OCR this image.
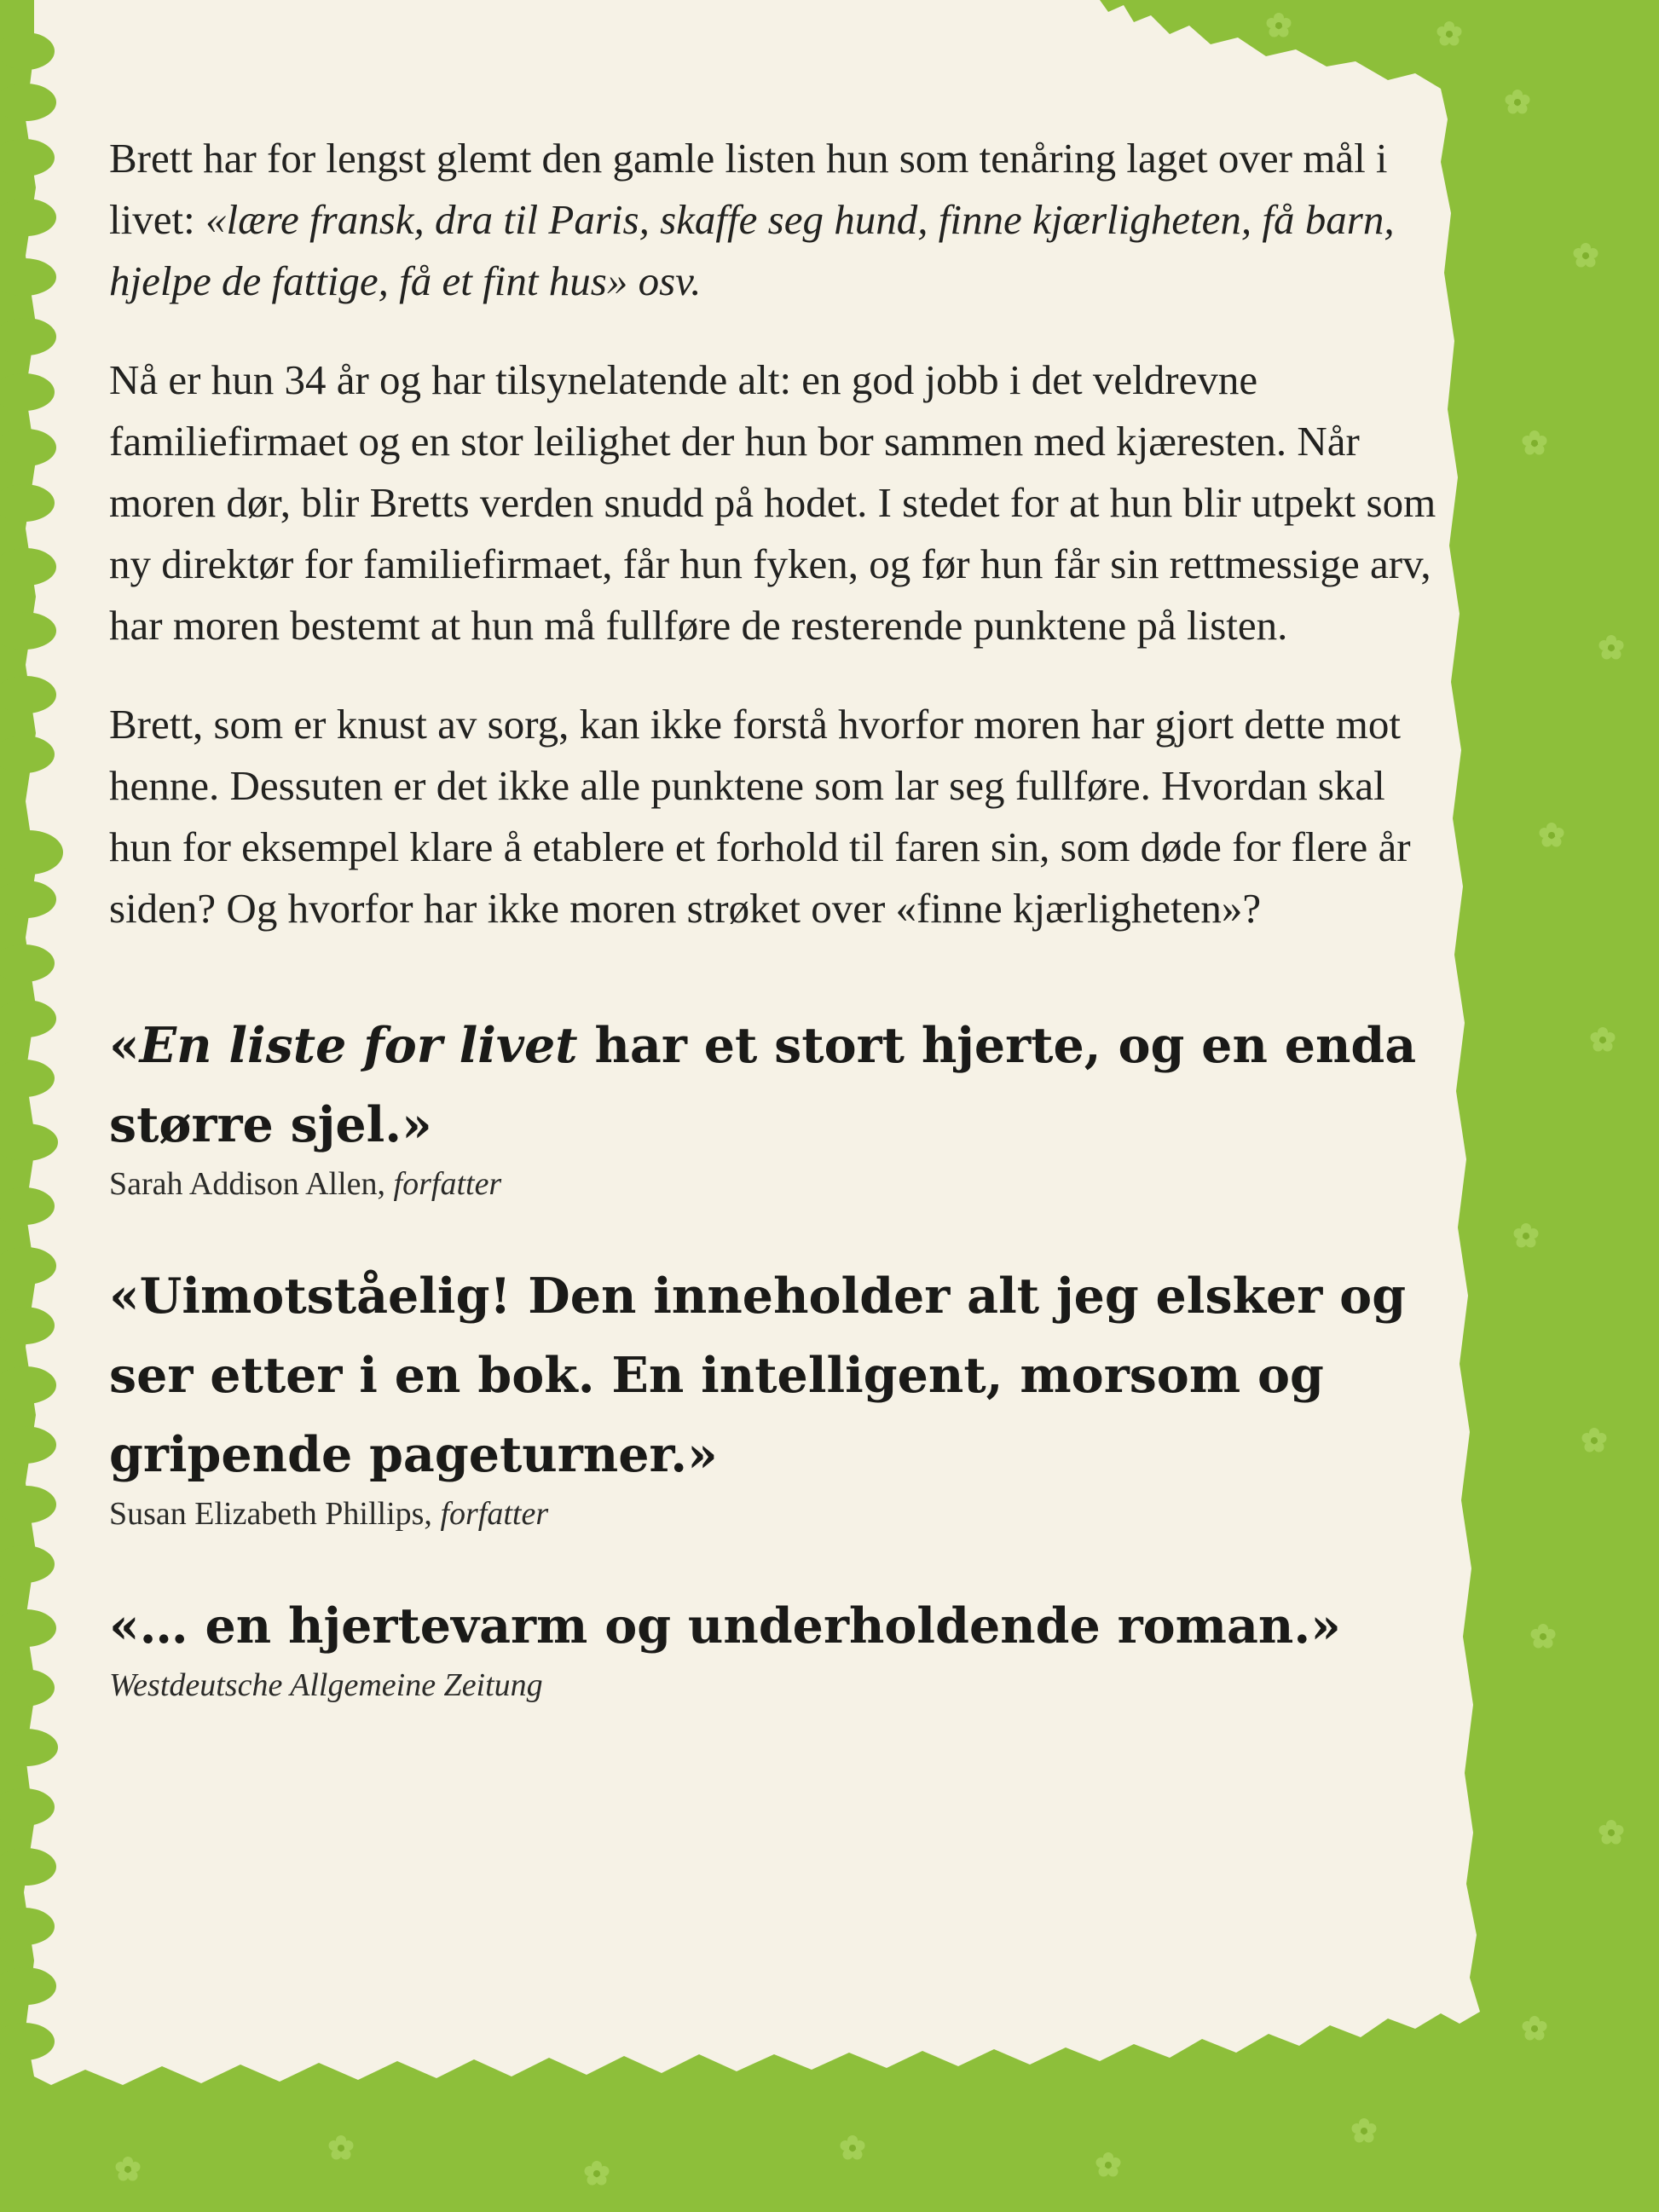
Brett har for lengst glemt den gamle listen hun som tenåring laget over mål i livet: «lære fransk, dra til Paris, skaffe seg hund, finne kjærligheten, få barn, hjelpe de fattige, få et fint hus» osv.

Nå er hun 34 år og har tilsynelatende alt: en god jobb i det veldrevne familiefirmaet og en stor leilighet der hun bor sammen med kjæresten. Når moren dør, blir Bretts verden snudd på hodet. I stedet for at hun blir utpekt som ny direktør for familiefirmaet, får hun fyken, og før hun får sin rettmessige arv, har moren bestemt at hun må fullføre de resterende punktene på listen.

Brett, som er knust av sorg, kan ikke forstå hvorfor moren har gjort dette mot henne. Dessuten er det ikke alle punktene som lar seg fullføre. Hvordan skal hun for eksempel klare å etablere et forhold til faren sin, som døde for flere år siden? Og hvorfor har ikke moren strøket over «finne kjærligheten»?

«En liste for livet har et stort hjerte, og en enda større sjel.»

Sarah Addison Allen, forfatter

«Uimotståelig! Den inneholder alt jeg elsker og ser etter i en bok. En intelligent, morsom og gripende pageturner.»

Susan Elizabeth Phillips, forfatter

«… en hjertevarm og underholdende roman.»

Westdeutsche Allgemeine Zeitung
